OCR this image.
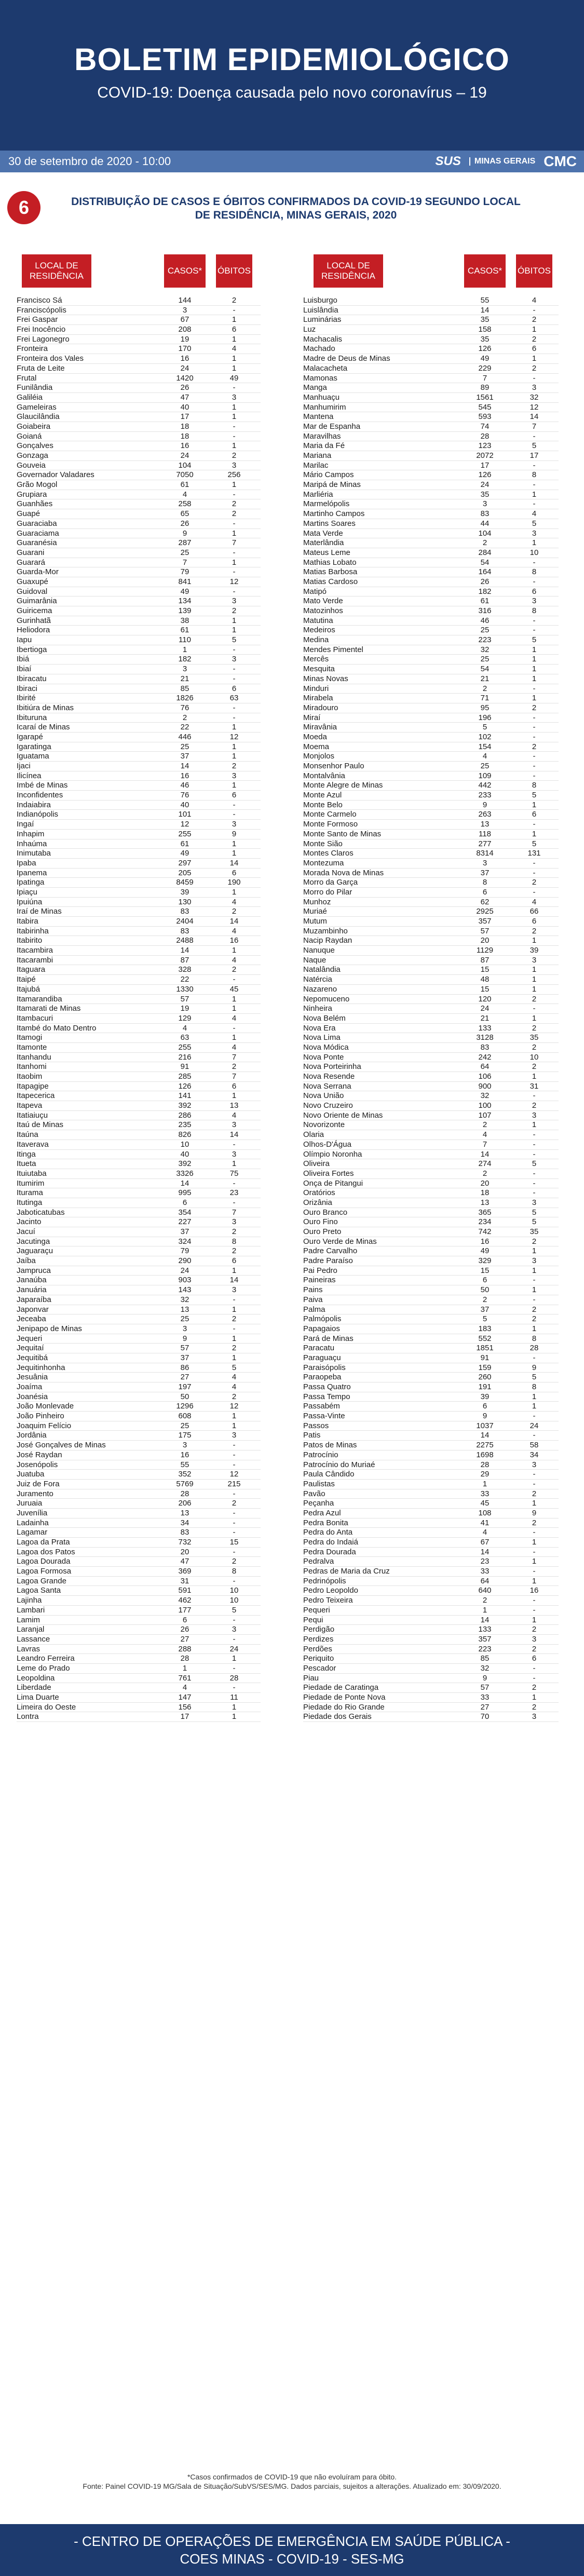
BOLETIM EPIDEMIOLÓGICO
COVID-19: Doença causada pelo novo coronavírus – 19
30 de setembro de 2020 - 10:00	SUS	MINAS GERAIS CMC
6	DISTRIBUIÇÃO DE CASOS E ÓBITOS CONFIRMADOS DA COVID-19 SEGUNDO LOCAL DE RESIDÊNCIA, MINAS GERAIS, 2020
LOCAL DE RESIDÊNCIA
CASOS*	ÓBITOS
LOCAL DE RESIDÊNCIA
CASOS*	ÓBITOS
Francisco Sá	144	2
Franciscópolis	3	-
Frei Gaspar	67	1
Frei Inocêncio	208	6
Frei Lagonegro	19	1
Fronteira	170	4
Fronteira dos Vales	16	1
Fruta de Leite	24	1
Frutal	1420	49
Funilândia	26	-
Galiléia	47	3
Gameleiras	40	1
Glaucilândia	17	1
Goiabeira	18	-
Goianá	18	-
Gonçalves	16	1
Gonzaga	24	2
Gouveia	104	3
Governador Valadares	7050	256
Grão Mogol	61	1
Grupiara	4	-
Guanhães	258	2
Guapé	65	2
Guaraciaba	26	-
Guaraciama	9	1
Guaranésia	287	7
Guarani	25	-
Guarará	7	1
Guarda-Mor	79	-
Guaxupé	841	12
Guidoval	49	-
Guimarânia	134	3
Guiricema	139	2
Gurinhatã	38	1
Heliodora	61	1
Iapu	110	5
Ibertioga	1	-
Ibiá	182	3
Ibiaí	3	-
Ibiracatu	21	-
Ibiraci	85	6
Ibirité	1826	63
Ibitiúra de Minas	76	-
Ibituruna	2	-
Icaraí de Minas	22	1
Igarapé	446	12
Igaratinga	25	1
Iguatama	37	1
Ijaci	14	2
Ilicínea	16	3
Imbé de Minas	46	1
Inconfidentes	76	6
Indaiabira	40	-
Indianópolis	101	-
Ingaí	12	3
Inhapim	255	9
Inhaúma	61	1
Inimutaba	49	1
Ipaba	297	14
Ipanema	205	6
Ipatinga	8459	190
Ipiaçu	39	1
Ipuiúna	130	4
Iraí de Minas	83	2
Itabira	2404	14
Itabirinha	83	4
Itabirito	2488	16
Itacambira	14	1
Itacarambi	87	4
Itaguara	328	2
Itaipé	22	-
Itajubá	1330	45
Itamarandiba	57	1
Itamarati de Minas	19	1
Itambacuri	129	4
Itambé do Mato Dentro	4	-
Itamogi	63	1
Itamonte	255	4
Itanhandu	216	7
Itanhomi	91	2
Itaobim	285	7
Itapagipe	126	6
Itapecerica	141	1
Itapeva	392	13
Itatiaiuçu	286	4
Itaú de Minas	235	3
Itaúna	826	14
Itaverava	10	-
Itinga	40	3
Itueta	392	1
Ituiutaba	3326	75
Itumirim	14	-
Iturama	995	23
Itutinga	6	-
Jaboticatubas	354	7
Jacinto	227	3
Jacuí	37	2
Jacutinga	324	8
Jaguaraçu	79	2
Jaíba	290	6
Jampruca	24	1
Janaúba	903	14
Januária	143	3
Japaraíba	32	-
Japonvar	13	1
Jeceaba	25	2
Jenipapo de Minas	3	-
Jequeri	9	1
Jequitaí	57	2
Jequitibá	37	1
Jequitinhonha	86	5
Jesuânia	27	4
Joaíma	197	4
Joanésia	50	2
João Monlevade	1296	12
João Pinheiro	608	1
Joaquim Felício	25	1
Jordânia	175	3
José Gonçalves de Minas	3	-
José Raydan	16	-
Josenópolis	55	-
Juatuba	352	12
Juiz de Fora	5769	215
Juramento	28	-
Juruaia	206	2
Juvenília	13	-
Ladainha	34	-
Lagamar	83	-
Lagoa da Prata	732	15
Lagoa dos Patos	20	-
Lagoa Dourada	47	2
Lagoa Formosa	369	8
Lagoa Grande	31	-
Lagoa Santa	591	10
Lajinha	462	10
Lambari	177	5
Lamim	6	-
Laranjal	26	3
Lassance	27	-
Lavras	288	24
Leandro Ferreira	28	1
Leme do Prado	1	-
Leopoldina	761	28
Liberdade	4	-
Lima Duarte	147	11
Limeira do Oeste	156	1
Lontra	17	1
Luisburgo	55	4
Luislândia	14	-
Luminárias	35	2
Luz	158	1
Machacalis	35	2
Machado	126	6
Madre de Deus de Minas	49	1
Malacacheta	229	2
Mamonas	7	-
Manga	89	3
Manhuaçu	1561	32
Manhumirim	545	12
Mantena	593	14
Mar de Espanha	74	7
Maravilhas	28	-
Maria da Fé	123	5
Mariana	2072	17
Marilac	17	-
Mário Campos	126	8
Maripá de Minas	24	-
Marliéria	35	1
Marmelópolis	3	-
Martinho Campos	83	4
Martins Soares	44	5
Mata Verde	104	3
Materlândia	2	1
Mateus Leme	284	10
Mathias Lobato	54	-
Matias Barbosa	164	8
Matias Cardoso	26	-
Matipó	182	6
Mato Verde	61	3
Matozinhos	316	8
Matutina	46	-
Medeiros	25	-
Medina	223	5
Mendes Pimentel	32	1
Mercês	25	1
Mesquita	54	1
Minas Novas	21	1
Minduri	2	-
Mirabela	71	1
Miradouro	95	2
Miraí	196	-
Miravânia	5	-
Moeda	102	-
Moema	154	2
Monjolos	4	-
Monsenhor Paulo	25	-
Montalvânia	109	-
Monte Alegre de Minas	442	8
Monte Azul	233	5
Monte Belo	9	1
Monte Carmelo	263	6
Monte Formoso	13	-
Monte Santo de Minas	118	1
Monte Sião	277	5
Montes Claros	8314	131
Montezuma	3	-
Morada Nova de Minas	37	-
Morro da Garça	8	2
Morro do Pilar	6	-
Munhoz	62	4
Muriaé	2925	66
Mutum	357	6
Muzambinho	57	2
Nacip Raydan	20	1
Nanuque	1129	39
Naque	87	3
Natalândia	15	1
Natércia	48	1
Nazareno	15	1
Nepomuceno	120	2
Ninheira	24	-
Nova Belém	21	1
Nova Era	133	2
Nova Lima	3128	35
Nova Módica	83	2
Nova Ponte	242	10
Nova Porteirinha	64	2
Nova Resende	106	1
Nova Serrana	900	31
Nova União	32	-
Novo Cruzeiro	100	2
Novo Oriente de Minas	107	3
Novorizonte	2	1
Olaria	4	-
Olhos-D'Água	7	-
Olímpio Noronha	14	-
Oliveira	274	5
Oliveira Fortes	2	-
Onça de Pitangui	20	-
Oratórios	18	-
Orizânia	13	3
Ouro Branco	365	5
Ouro Fino	234	5
Ouro Preto	742	35
Ouro Verde de Minas	16	2
Padre Carvalho	49	1
Padre Paraíso	329	3
Pai Pedro	15	1
Paineiras	6	-
Pains	50	1
Paiva	2	-
Palma	37	2
Palmópolis	5	2
Papagaios	183	1
Pará de Minas	552	8
Paracatu	1851	28
Paraguaçu	91	-
Paraisópolis	159	9
Paraopeba	260	5
Passa Quatro	191	8
Passa Tempo	39	1
Passabém	6	1
Passa-Vinte	9	-
Passos	1037	24
Patis	14	-
Patos de Minas	2275	58
Patrocínio	1698	34
Patrocínio do Muriaé	28	3
Paula Cândido	29	-
Paulistas	1	-
Pavão	33	2
Peçanha	45	1
Pedra Azul	108	9
Pedra Bonita	41	2
Pedra do Anta	4	-
Pedra do Indaiá	67	1
Pedra Dourada	14	-
Pedralva	23	1
Pedras de Maria da Cruz	33	-
Pedrinópolis	64	1
Pedro Leopoldo	640	16
Pedro Teixeira	2	-
Pequeri	1	-
Pequi	14	1
Perdigão	133	2
Perdizes	357	3
Perdões	223	2
Periquito	85	6
Pescador	32	-
Piau	9	-
Piedade de Caratinga	57	2
Piedade de Ponte Nova	33	1
Piedade do Rio Grande	27	2
Piedade dos Gerais	70	3
*Casos confirmados de COVID-19 que não evoluíram para óbito.
Fonte: Painel COVID-19 MG/Sala de Situação/SubVS/SES/MG. Dados parciais, sujeitos a alterações. Atualizado em: 30/09/2020.
- CENTRO DE OPERAÇÕES DE EMERGÊNCIA EM SAÚDE PÚBLICA -
COES MINAS - COVID-19 - SES-MG
